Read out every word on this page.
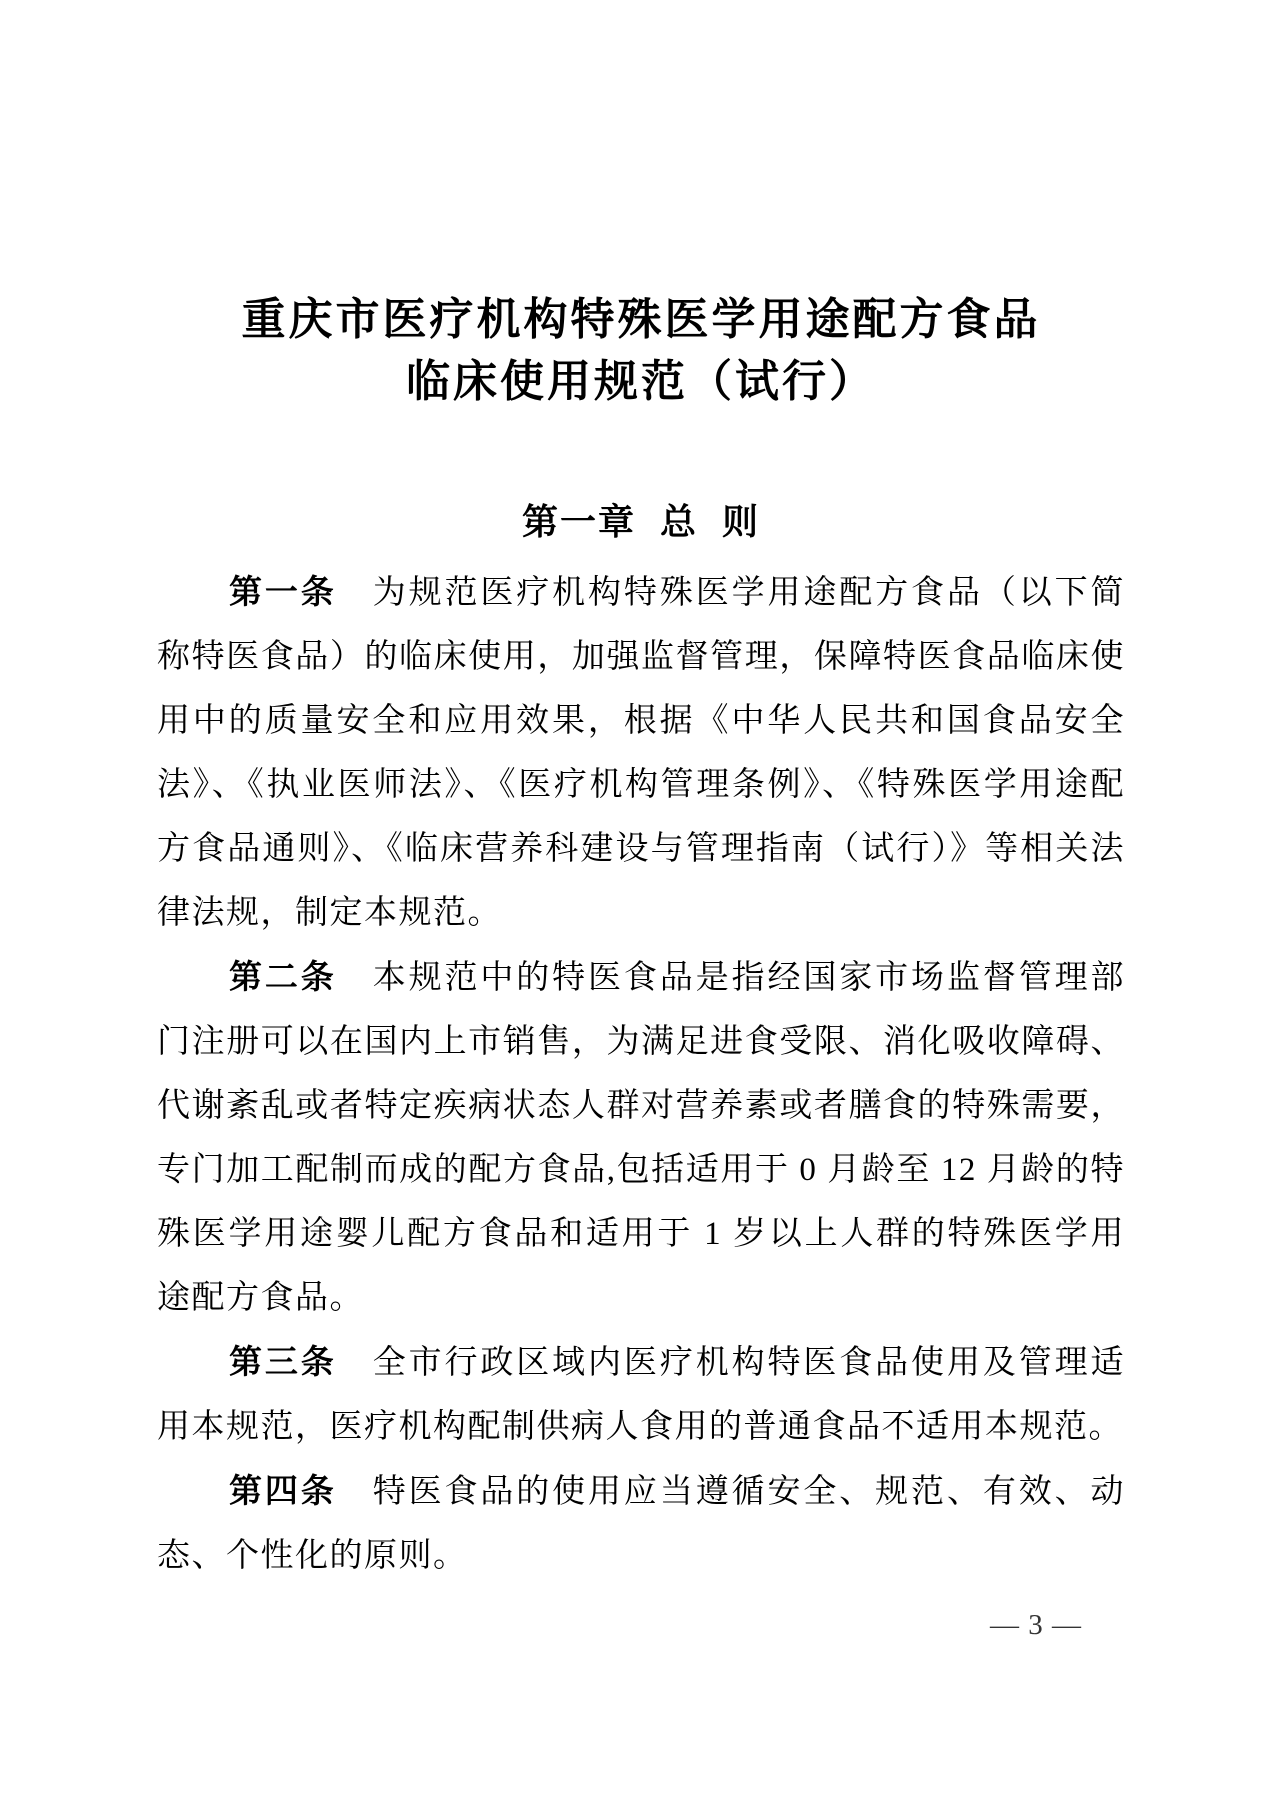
重庆市医疗机构特殊医学用途配方食品
临床使用规范（试行）
第一章  总  则

第一条 为规范医疗机构特殊医学用途配方食品（以下简称特医食品）的临床使用，加强监督管理，保障特医食品临床使用中的质量安全和应用效果，根据《中华人民共和国食品安全法》、《执业医师法》、《医疗机构管理条例》、《特殊医学用途配方食品通则》、《临床营养科建设与管理指南（试行）》等相关法律法规，制定本规范。

第二条 本规范中的特医食品是指经国家市场监督管理部门注册可以在国内上市销售，为满足进食受限、消化吸收障碍、代谢紊乱或者特定疾病状态人群对营养素或者膳食的特殊需要，专门加工配制而成的配方食品,包括适用于 0 月龄至 12 月龄的特殊医学用途婴儿配方食品和适用于 1 岁以上人群的特殊医学用途配方食品。

第三条 全市行政区域内医疗机构特医食品使用及管理适用本规范，医疗机构配制供病人食用的普通食品不适用本规范。

第四条 特医食品的使用应当遵循安全、规范、有效、动态、个性化的原则。

— 3 —
